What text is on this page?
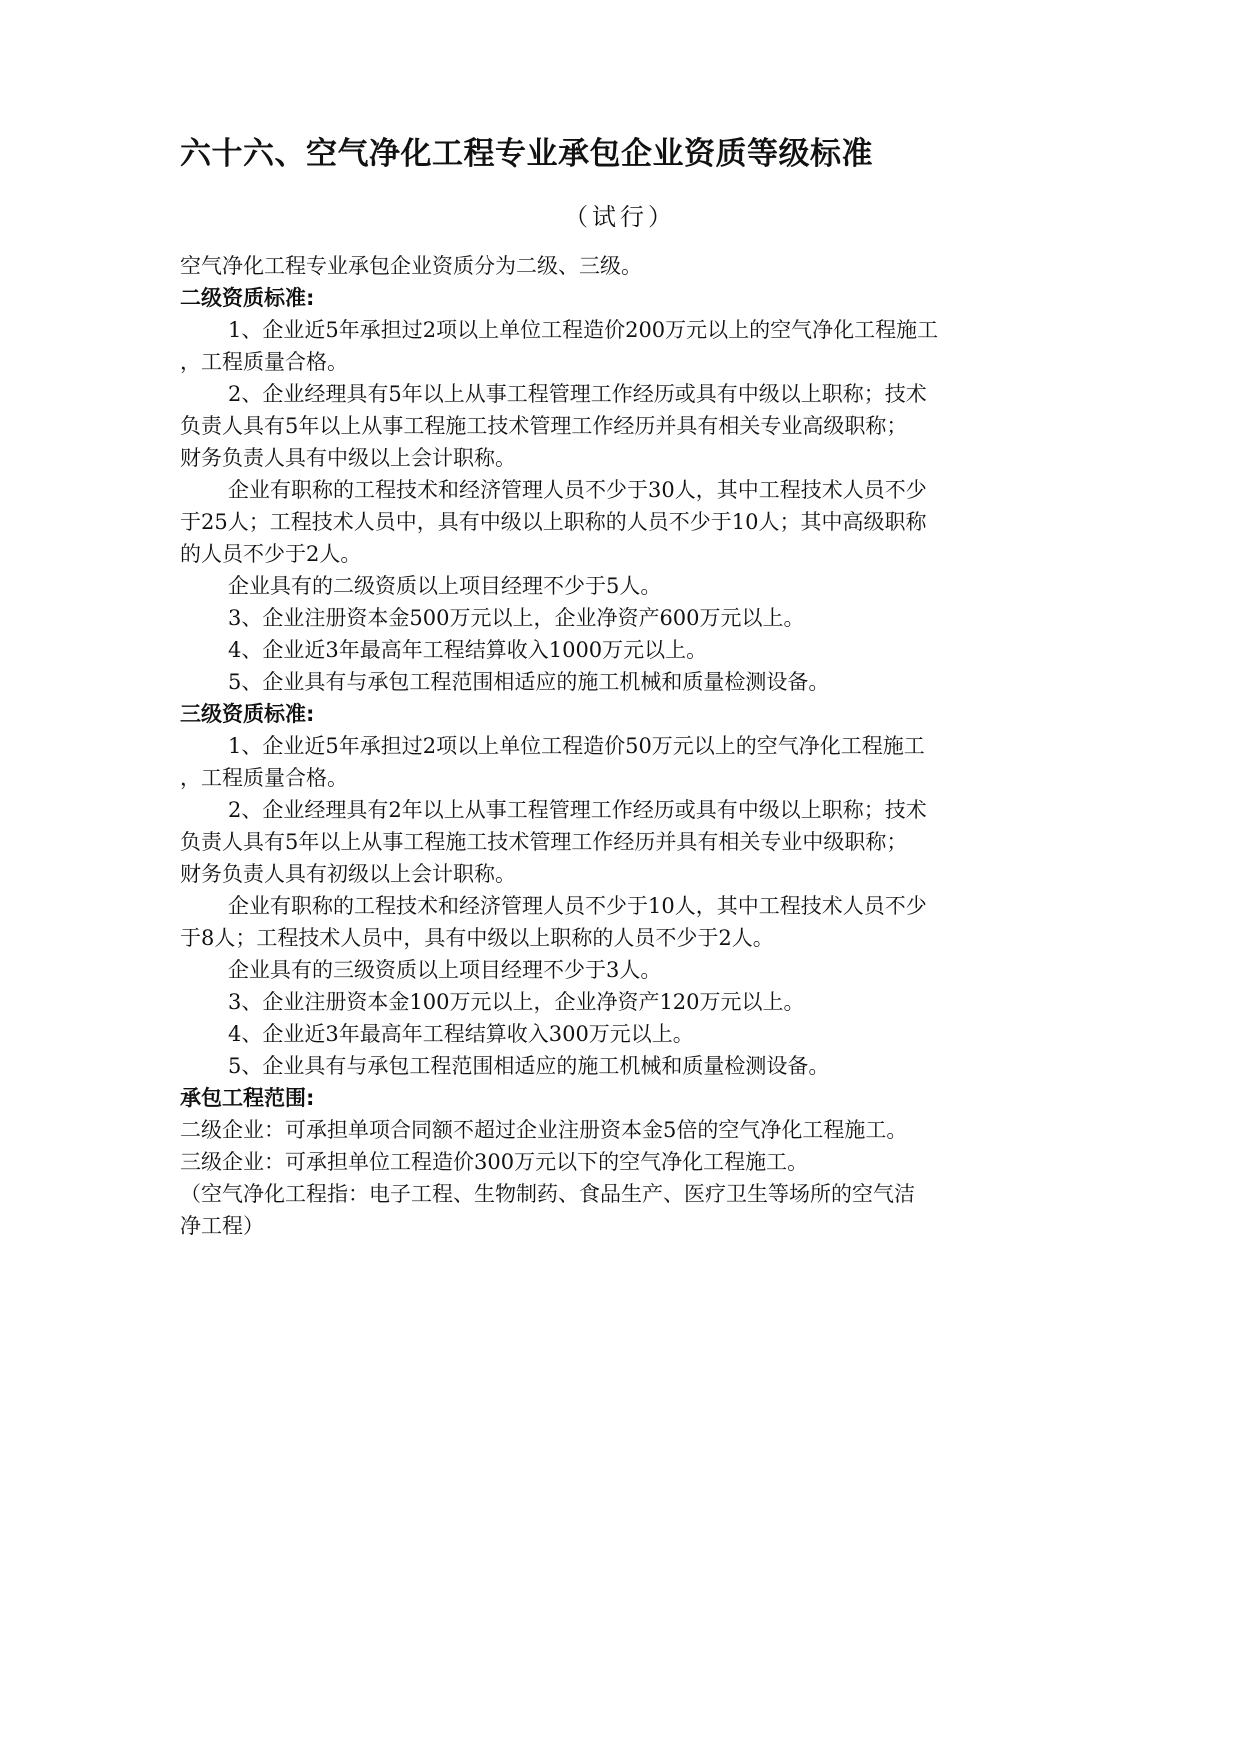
六十六、空气净化工程专业承包企业资质等级标准
（试行）
空气净化工程专业承包企业资质分为二级、三级。
二级资质标准:
1、企业近5年承担过2项以上单位工程造价200万元以上的空气净化工程施工
，工程质量合格。
2、企业经理具有5年以上从事工程管理工作经历或具有中级以上职称；技术
负责人具有5年以上从事工程施工技术管理工作经历并具有相关专业高级职称；
财务负责人具有中级以上会计职称。
企业有职称的工程技术和经济管理人员不少于30人，其中工程技术人员不少
于25人；工程技术人员中，具有中级以上职称的人员不少于10人；其中高级职称
的人员不少于2人。
企业具有的二级资质以上项目经理不少于5人。
3、企业注册资本金500万元以上，企业净资产600万元以上。
4、企业近3年最高年工程结算收入1000万元以上。
5、企业具有与承包工程范围相适应的施工机械和质量检测设备。
三级资质标准:
1、企业近5年承担过2项以上单位工程造价50万元以上的空气净化工程施工
，工程质量合格。
2、企业经理具有2年以上从事工程管理工作经历或具有中级以上职称；技术
负责人具有5年以上从事工程施工技术管理工作经历并具有相关专业中级职称；
财务负责人具有初级以上会计职称。
企业有职称的工程技术和经济管理人员不少于10人，其中工程技术人员不少
于8人；工程技术人员中，具有中级以上职称的人员不少于2人。
企业具有的三级资质以上项目经理不少于3人。
3、企业注册资本金100万元以上，企业净资产120万元以上。
4、企业近3年最高年工程结算收入300万元以上。
5、企业具有与承包工程范围相适应的施工机械和质量检测设备。
承包工程范围:
二级企业：可承担单项合同额不超过企业注册资本金5倍的空气净化工程施工。
三级企业：可承担单位工程造价300万元以下的空气净化工程施工。
（空气净化工程指：电子工程、生物制药、食品生产、医疗卫生等场所的空气洁
净工程）
